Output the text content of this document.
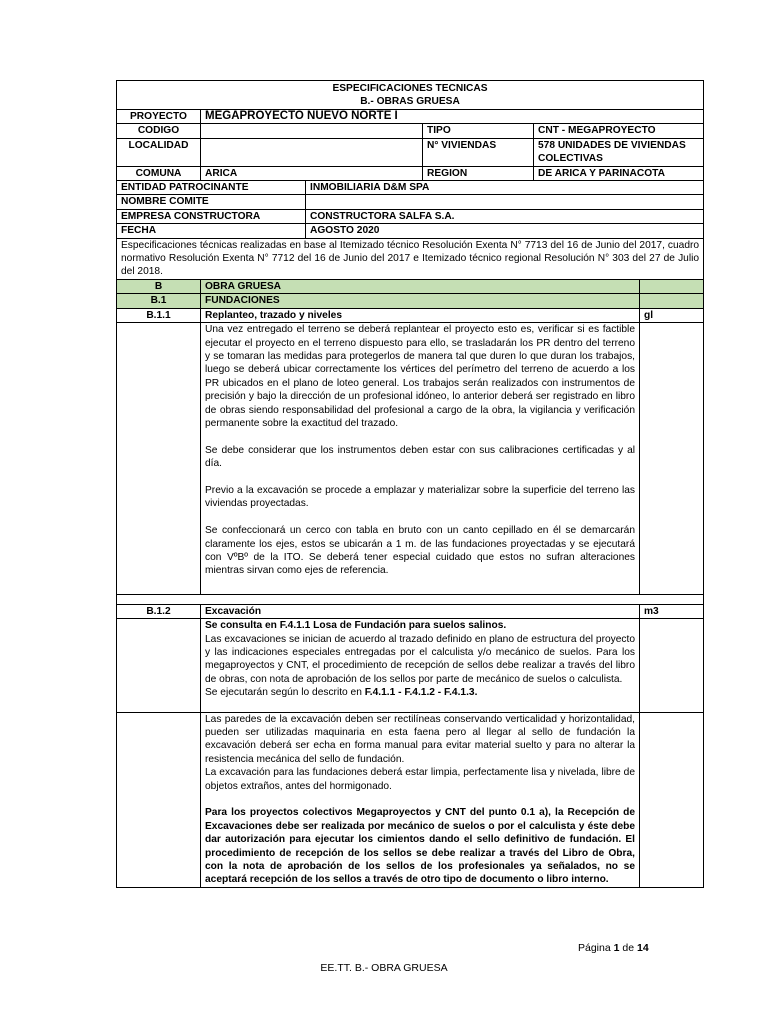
ESPECIFICACIONES TECNICAS
B.- OBRAS GRUESA					

PROYECTO	MEGAPROYECTO NUEVO NORTE I				
CODIGO			TIPO	CNT - MEGAPROYECTO	
LOCALIDAD			N° VIVIENDAS	578 UNIDADES DE VIVIENDAS COLECTIVAS	
COMUNA	ARICA		REGION	DE ARICA Y PARINACOTA	
ENTIDAD PATROCINANTE		INMOBILIARIA D&M SPA			
NOMBRE COMITE					
EMPRESA CONSTRUCTORA		CONSTRUCTORA SALFA S.A.			
FECHA		AGOSTO 2020			
Especificaciones técnicas realizadas en base al Itemizado técnico Resolución Exenta N° 7713 del 16 de Junio del 2017, cuadro normativo Resolución Exenta N° 7712 del 16 de Junio del 2017 e Itemizado técnico regional Resolución N° 303 del 27 de Julio del 2018.					
B	OBRA GRUESA				
B.1	FUNDACIONES				
B.1.1	Replanteo, trazado y niveles				gl

	Una vez entregado el terreno se deberá replantear el proyecto esto es, verificar si es factible ejecutar el proyecto en el terreno dispuesto para ello, se trasladarán los PR dentro del terreno y se tomaran las medidas para protegerlos de manera tal que duren lo que duran los trabajos, luego se deberá ubicar correctamente los vértices del perímetro del terreno de acuerdo a los PR ubicados en el plano de loteo general. Los trabajos serán realizados con instrumentos de precisión y bajo la dirección de un profesional idóneo, lo anterior deberá ser registrado en libro de obras siendo responsabilidad del profesional a cargo de la obra, la vigilancia y verificación permanente sobre la exactitud del trazado.

Se debe considerar que los instrumentos deben estar con sus calibraciones certificadas y al día.

Previo a la excavación se procede a emplazar y materializar sobre la superficie del terreno las viviendas proyectadas.

Se confeccionará un cerco con tabla en bruto con un canto cepillado en él se demarcarán claramente los ejes, estos se ubicarán a 1 m. de las fundaciones proyectadas y se ejecutará con VºBº de la ITO. Se deberá tener especial cuidado que estos no sufran alteraciones mientras sirvan como ejes de referencia.				

B.1.2	Excavación				m3

	Se consulta en F.4.1.1 Losa de Fundación para suelos salinos.

Las excavaciones se inician de acuerdo al trazado definido en plano de estructura del proyecto y las indicaciones especiales entregadas por el calculista y/o mecánico de suelos. Para los megaproyectos y CNT, el procedimiento de recepción de sellos debe realizar a través del libro de obras, con nota de aprobación de los sellos por parte de mecánico de suelos o calculista.

Se ejecutarán según lo descrito en F.4.1.1 - F.4.1.2 - F.4.1.3.				

	Las paredes de la excavación deben ser rectilíneas conservando verticalidad y horizontalidad, pueden ser utilizadas maquinaria en esta faena pero al llegar al sello de fundación la excavación deberá ser echa en forma manual para evitar material suelto y para no alterar la resistencia mecánica del sello de fundación.

La excavación para las fundaciones deberá estar limpia, perfectamente lisa y nivelada, libre de objetos extraños, antes del hormigonado.

Para los proyectos colectivos Megaproyectos y CNT del punto 0.1 a), la Recepción de Excavaciones debe ser realizada por mecánico de suelos o por el calculista y éste debe dar autorización para ejecutar los cimientos dando el sello definitivo de fundación. El procedimiento de recepción de los sellos se debe realizar a través del Libro de Obra, con la nota de aprobación de los sellos de los profesionales ya señalados, no se aceptará recepción de los sellos a través de otro tipo de documento o libro interno.				

Página 1 de 14
EE.TT. B.- OBRA GRUESA
